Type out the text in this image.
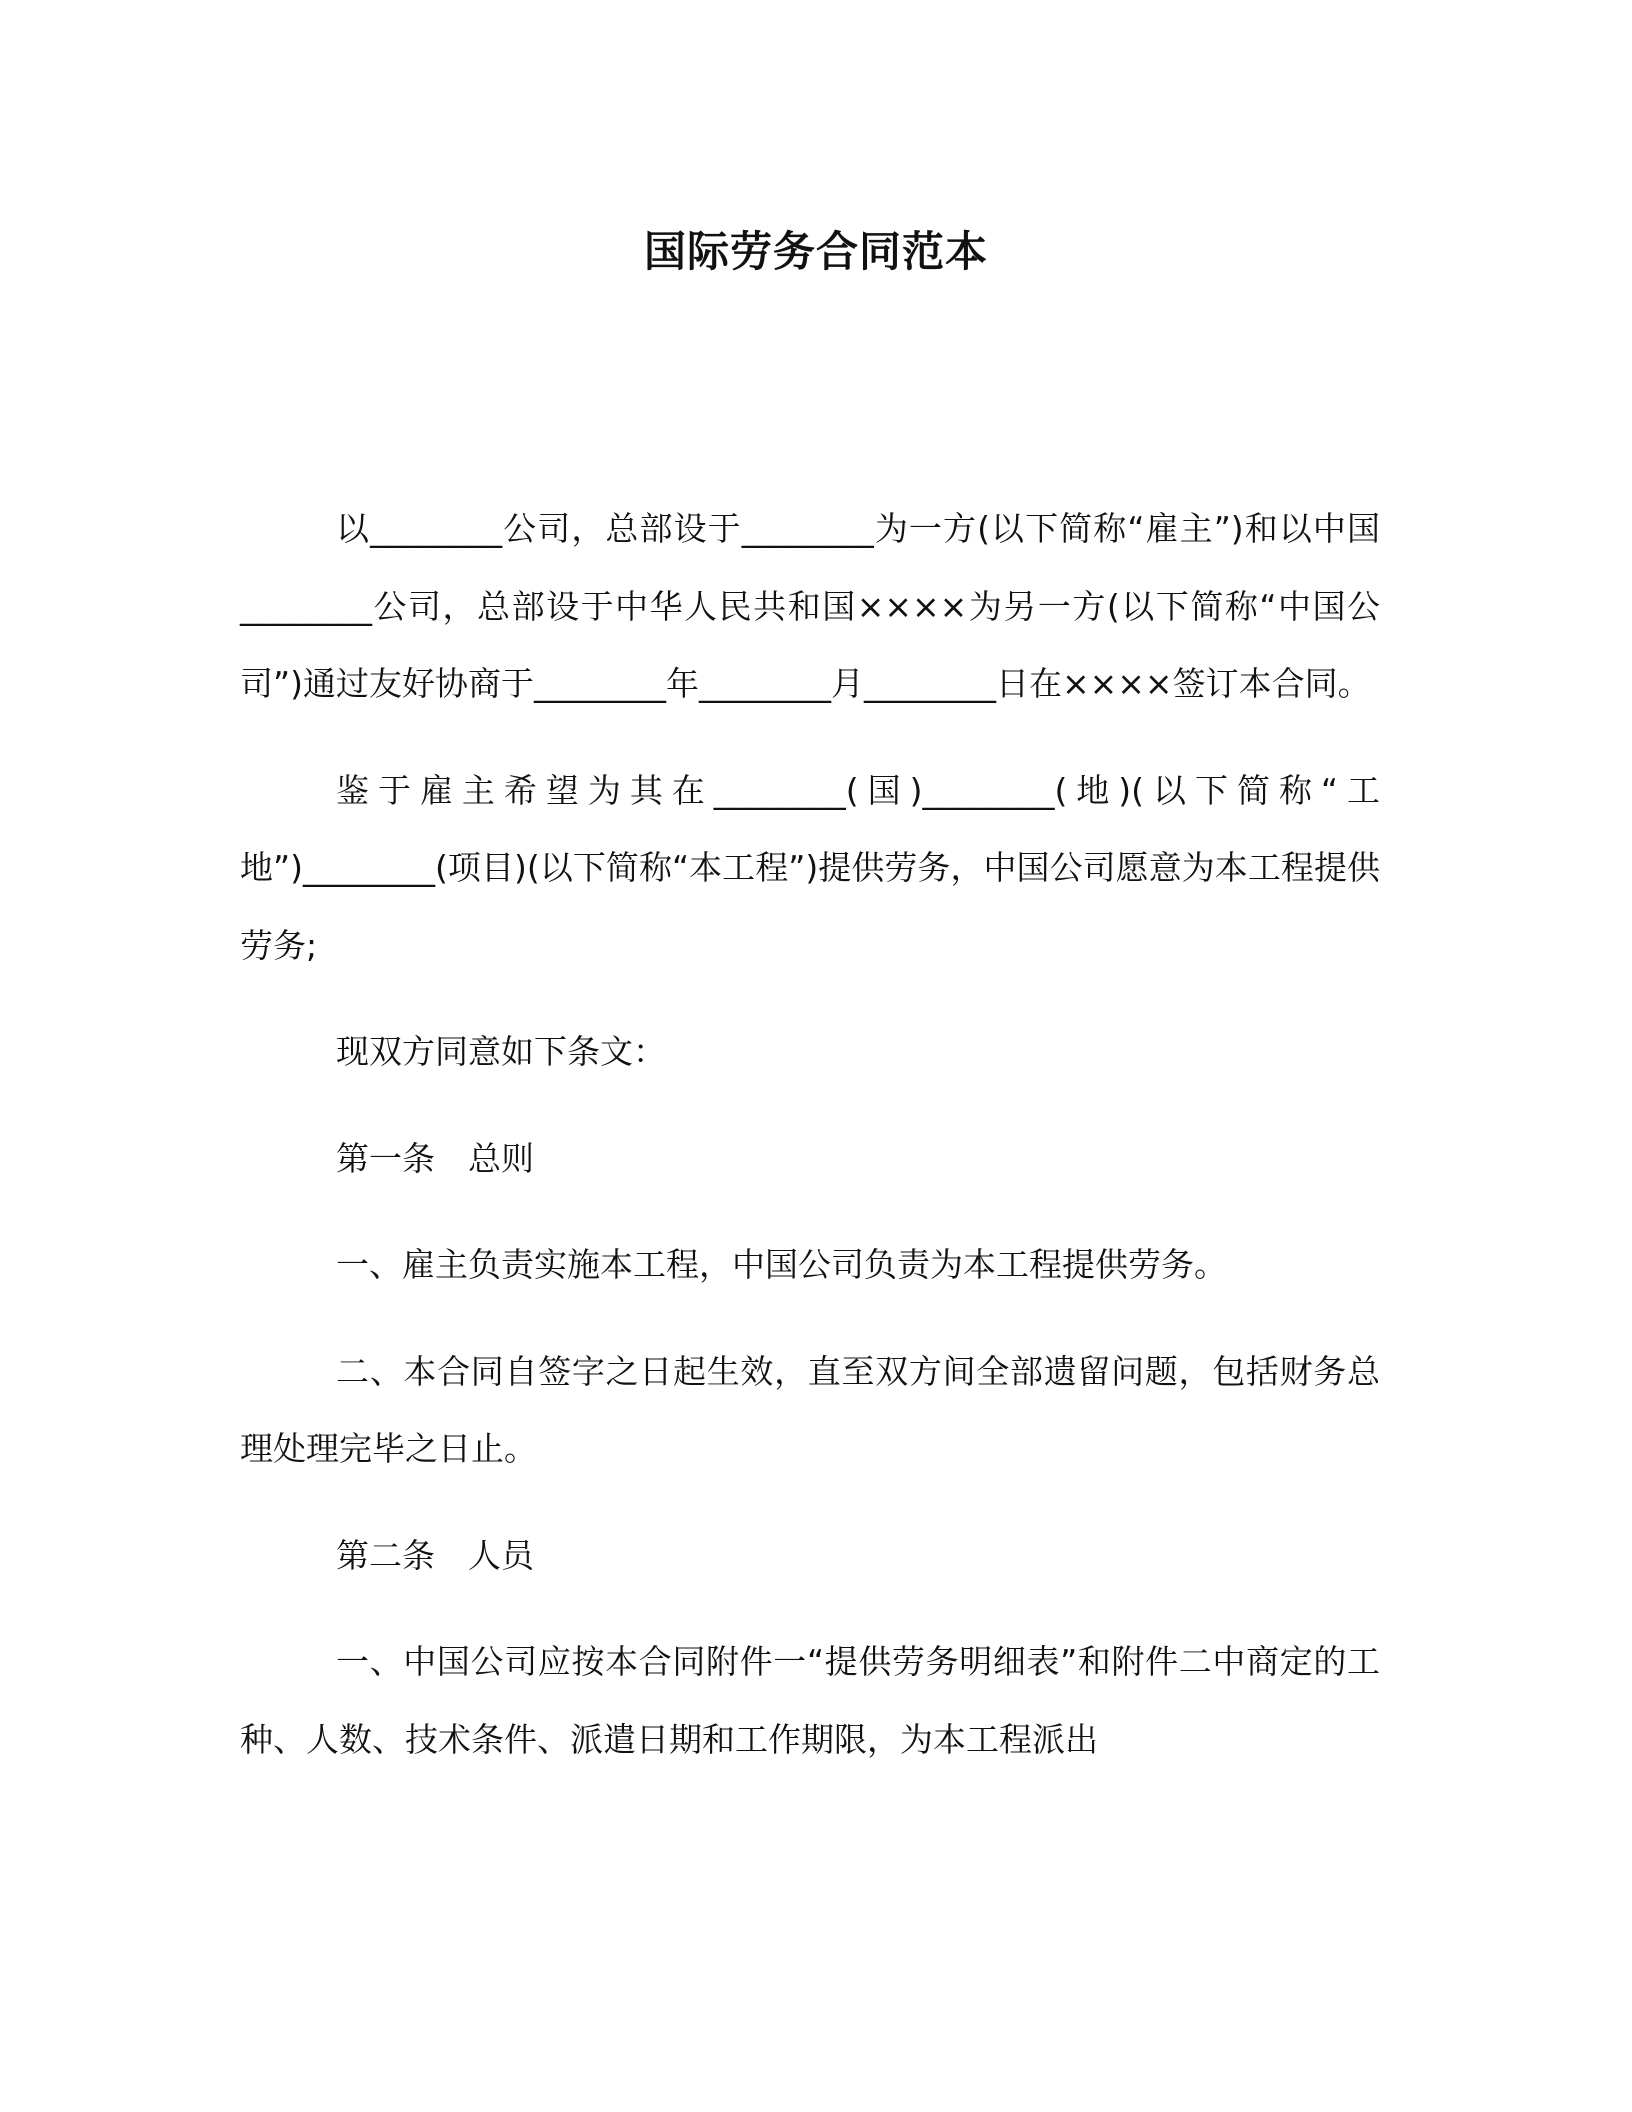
国际劳务合同范本

以________公司，总部设于________为一方(以下简称“雇主”)和以中国________公司，总部设于中华人民共和国××××为另一方(以下简称“中国公司”)通过友好协商于________年________月________日在××××签订本合同。

鉴于雇主希望为其在________(国)________(地)(以下简称“工地”)________(项目)(以下简称“本工程”)提供劳务，中国公司愿意为本工程提供劳务;

现双方同意如下条文：

第一条　总则

一、雇主负责实施本工程，中国公司负责为本工程提供劳务。

二、本合同自签字之日起生效，直至双方间全部遗留问题，包括财务总理处理完毕之日止。

第二条　人员

一、中国公司应按本合同附件一“提供劳务明细表”和附件二中商定的工种、人数、技术条件、派遣日期和工作期限，为本工程派出
